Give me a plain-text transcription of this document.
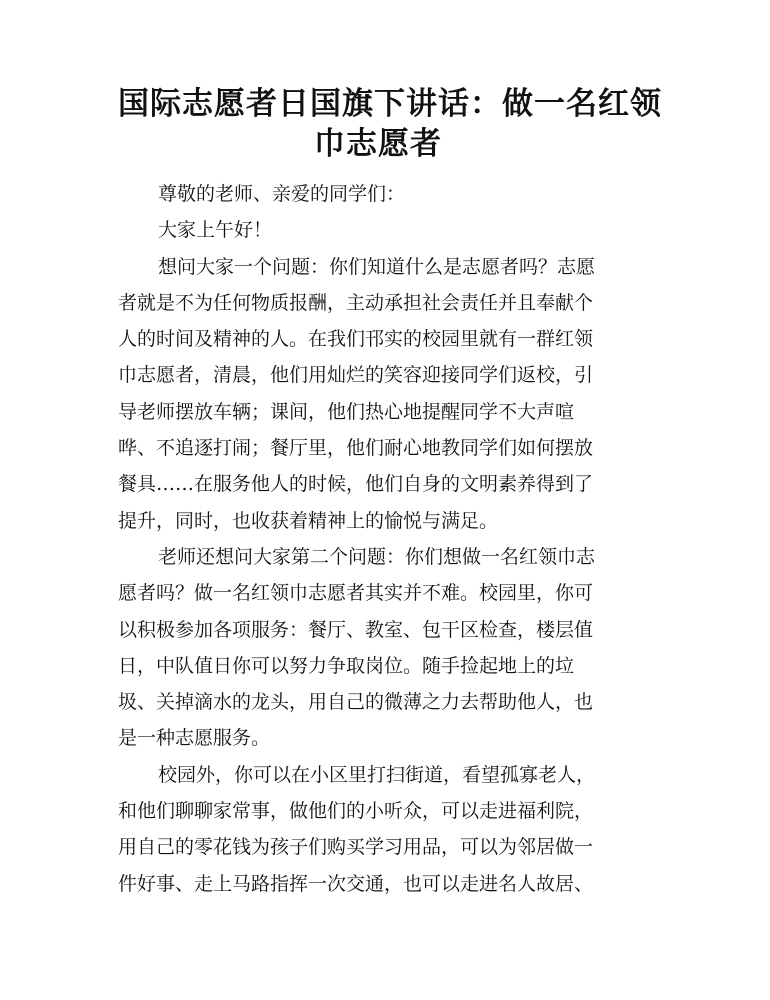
国际志愿者日国旗下讲话：做一名红领
巾志愿者

尊敬的老师、亲爱的同学们：

大家上午好！

想问大家一个问题：你们知道什么是志愿者吗？志愿
者就是不为任何物质报酬，主动承担社会责任并且奉献个
人的时间及精神的人。在我们邗实的校园里就有一群红领
巾志愿者，清晨，他们用灿烂的笑容迎接同学们返校，引
导老师摆放车辆；课间，他们热心地提醒同学不大声喧
哗、不追逐打闹；餐厅里，他们耐心地教同学们如何摆放
餐具……在服务他人的时候，他们自身的文明素养得到了
提升，同时，也收获着精神上的愉悦与满足。

老师还想问大家第二个问题：你们想做一名红领巾志
愿者吗？做一名红领巾志愿者其实并不难。校园里，你可
以积极参加各项服务：餐厅、教室、包干区检查，楼层值
日，中队值日你可以努力争取岗位。随手捡起地上的垃
圾、关掉滴水的龙头，用自己的微薄之力去帮助他人，也
是一种志愿服务。

校园外，你可以在小区里打扫街道，看望孤寡老人，
和他们聊聊家常事，做他们的小听众，可以走进福利院，
用自己的零花钱为孩子们购买学习用品，可以为邻居做一
件好事、走上马路指挥一次交通，也可以走进名人故居、
